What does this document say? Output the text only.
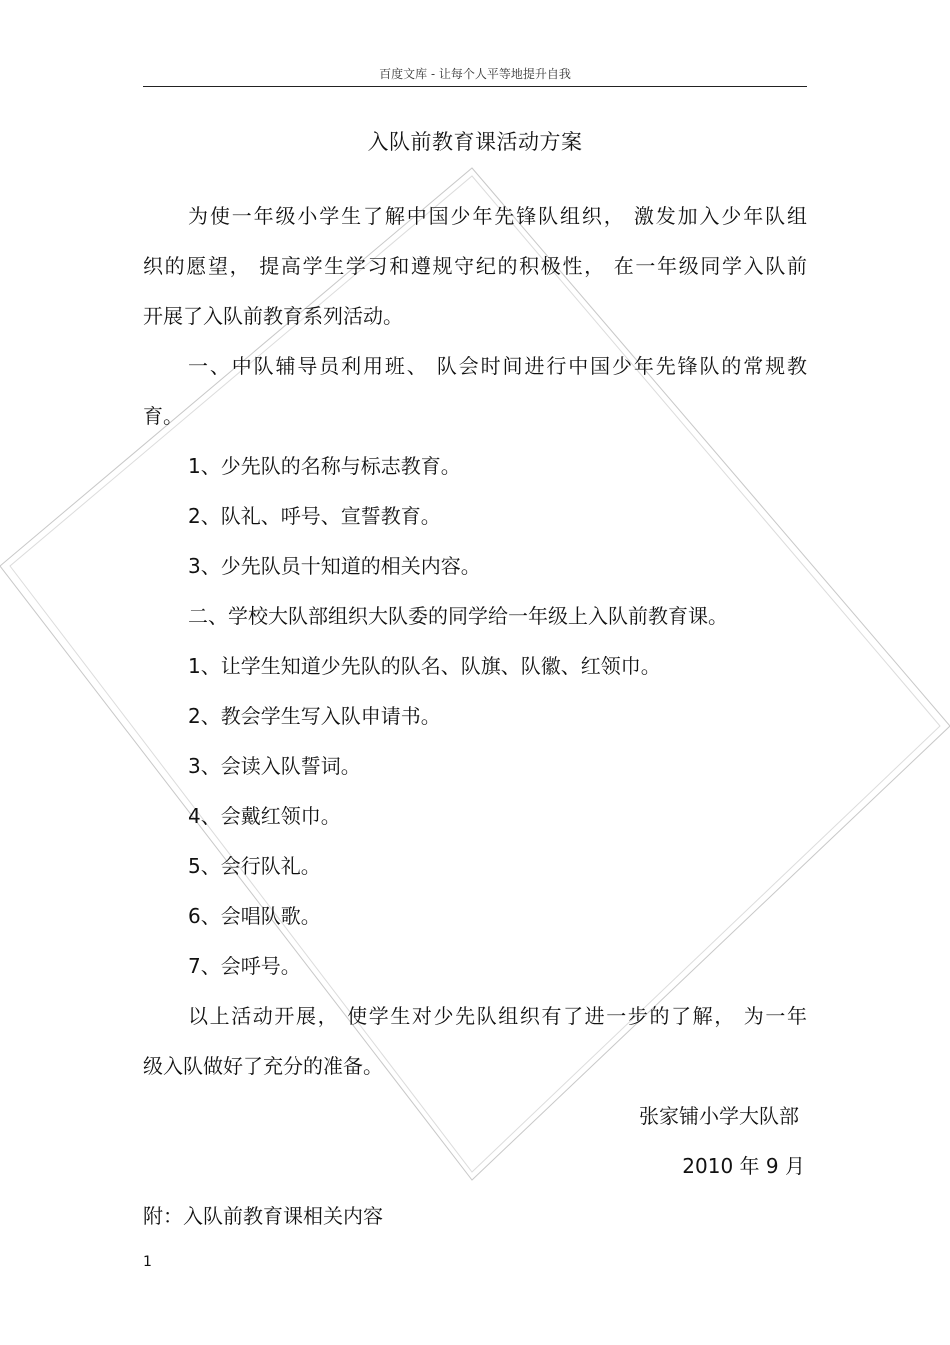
百度文库 - 让每个人平等地提升自我
入队前教育课活动方案
为使一年级小学生了解中国少年先锋队组织， 激发加入少年队组
织的愿望， 提高学生学习和遵规守纪的积极性， 在一年级同学入队前
开展了入队前教育系列活动。
一、中队辅导员利用班、 队会时间进行中国少年先锋队的常规教
育。
1、少先队的名称与标志教育。
2、队礼、呼号、宣誓教育。
3、少先队员十知道的相关内容。
二、学校大队部组织大队委的同学给一年级上入队前教育课。
1、让学生知道少先队的队名、队旗、队徽、红领巾。
2、教会学生写入队申请书。
3、会读入队誓词。
4、会戴红领巾。
5、会行队礼。
6、会唱队歌。
7、会呼号。
以上活动开展， 使学生对少先队组织有了进一步的了解， 为一年
级入队做好了充分的准备。
张家铺小学大队部
2010 年 9 月
附：入队前教育课相关内容
1
